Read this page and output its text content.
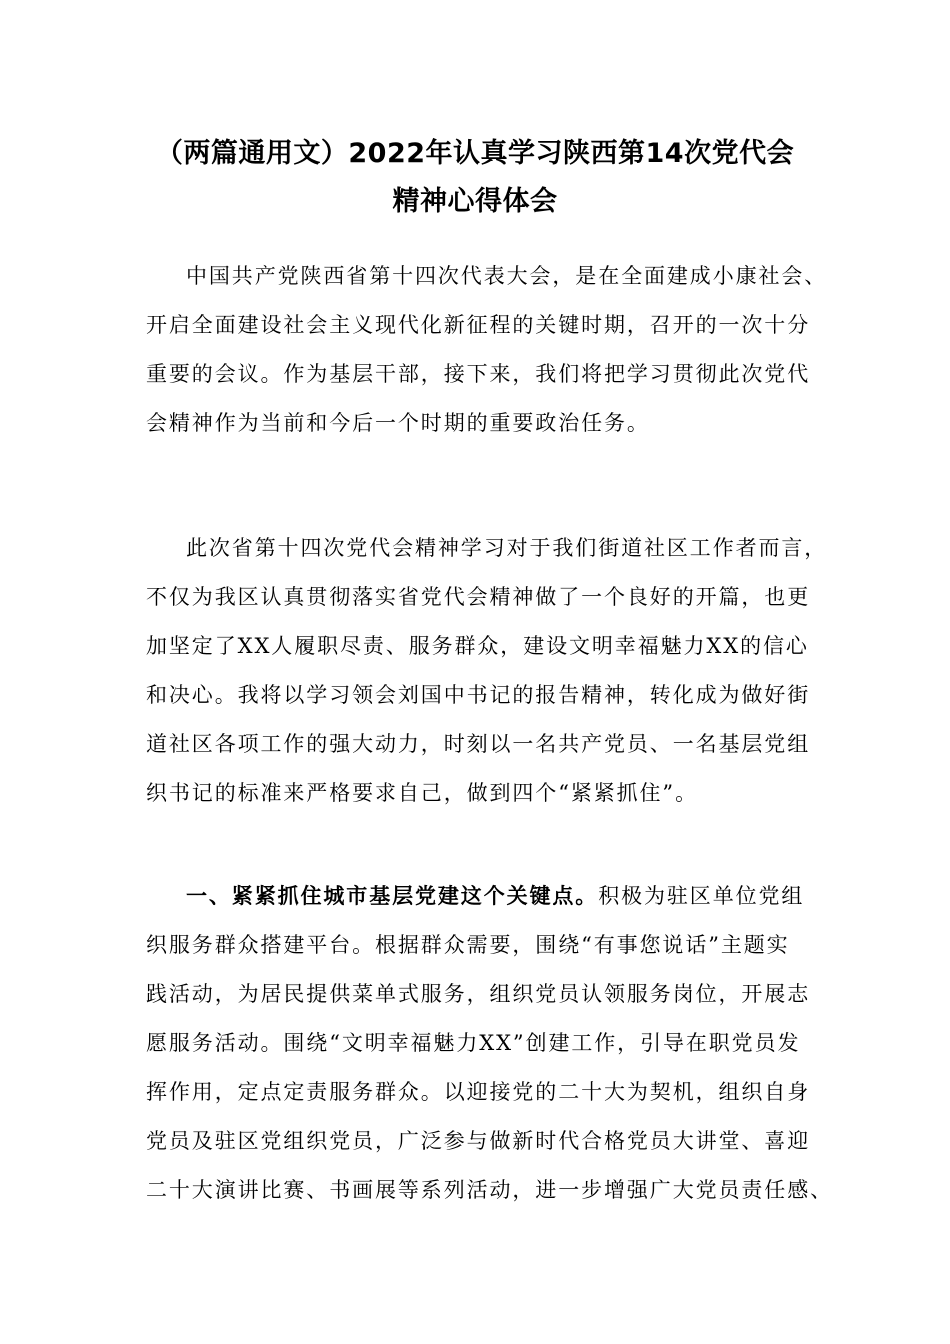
（两篇通用文）2022年认真学习陕西第14次党代会
精神心得体会
中国共产党陕西省第十四次代表大会，是在全面建成小康社会、
开启全面建设社会主义现代化新征程的关键时期，召开的一次十分
重要的会议。作为基层干部，接下来，我们将把学习贯彻此次党代
会精神作为当前和今后一个时期的重要政治任务。
此次省第十四次党代会精神学习对于我们街道社区工作者而言，
不仅为我区认真贯彻落实省党代会精神做了一个良好的开篇，也更
加坚定了XX人履职尽责、服务群众，建设文明幸福魅力XX的信心
和决心。我将以学习领会刘国中书记的报告精神，转化成为做好街
道社区各项工作的强大动力，时刻以一名共产党员、一名基层党组
织书记的标准来严格要求自己，做到四个“紧紧抓住”。
一、紧紧抓住城市基层党建这个关键点。积极为驻区单位党组
织服务群众搭建平台。根据群众需要，围绕“有事您说话”主题实
践活动，为居民提供菜单式服务，组织党员认领服务岗位，开展志
愿服务活动。围绕“文明幸福魅力XX”创建工作，引导在职党员发
挥作用，定点定责服务群众。以迎接党的二十大为契机，组织自身
党员及驻区党组织党员，广泛参与做新时代合格党员大讲堂、喜迎
二十大演讲比赛、书画展等系列活动，进一步增强广大党员责任感、
